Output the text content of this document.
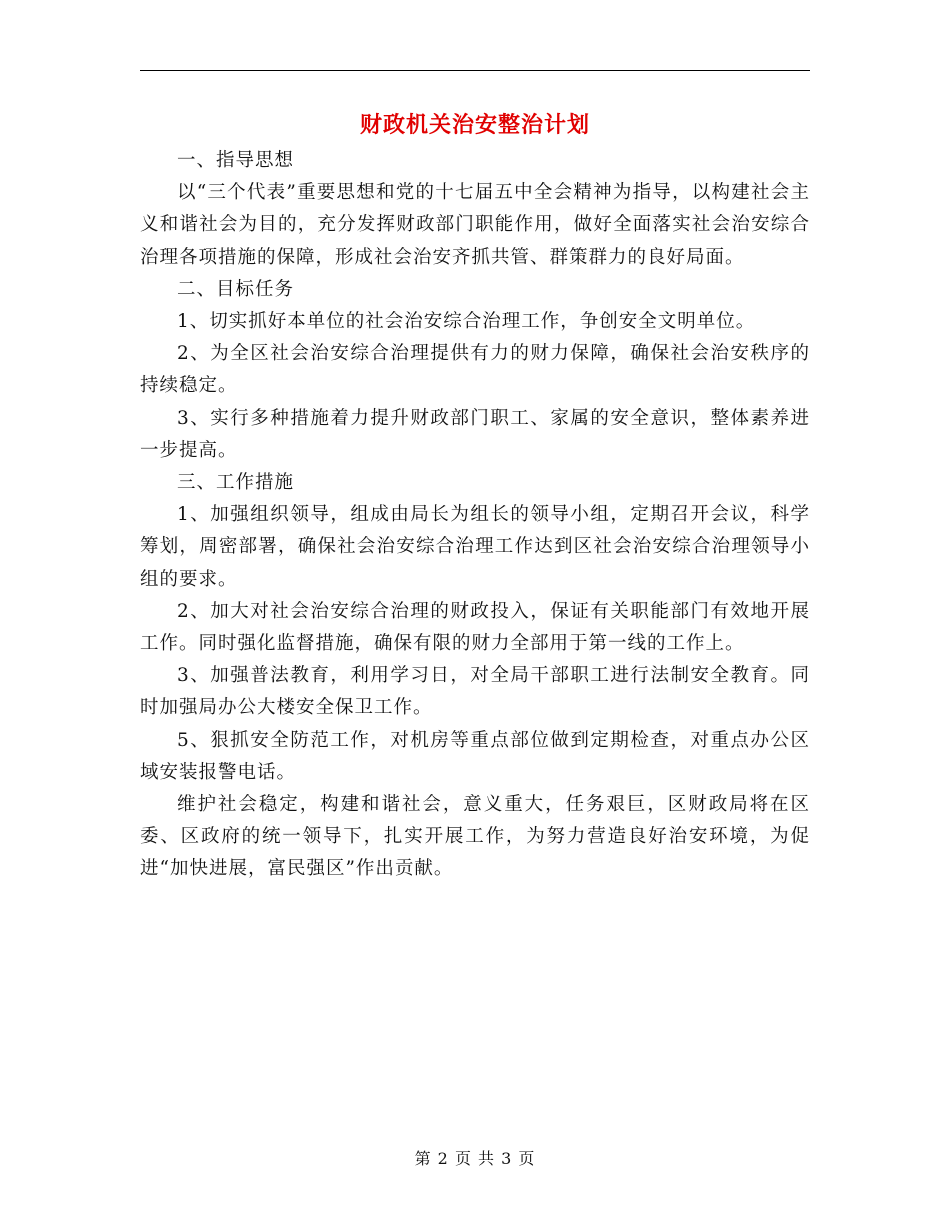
财政机关治安整治计划

一、指导思想

以“三个代表”重要思想和党的十七届五中全会精神为指导，以构建社会主义和谐社会为目的，充分发挥财政部门职能作用，做好全面落实社会治安综合治理各项措施的保障，形成社会治安齐抓共管、群策群力的良好局面。

二、目标任务

1、切实抓好本单位的社会治安综合治理工作，争创安全文明单位。

2、为全区社会治安综合治理提供有力的财力保障，确保社会治安秩序的持续稳定。

3、实行多种措施着力提升财政部门职工、家属的安全意识，整体素养进一步提高。

三、工作措施

1、加强组织领导，组成由局长为组长的领导小组，定期召开会议，科学筹划，周密部署，确保社会治安综合治理工作达到区社会治安综合治理领导小组的要求。

2、加大对社会治安综合治理的财政投入，保证有关职能部门有效地开展工作。同时强化监督措施，确保有限的财力全部用于第一线的工作上。

3、加强普法教育，利用学习日，对全局干部职工进行法制安全教育。同时加强局办公大楼安全保卫工作。

5、狠抓安全防范工作，对机房等重点部位做到定期检查，对重点办公区域安装报警电话。

维护社会稳定，构建和谐社会，意义重大，任务艰巨，区财政局将在区委、区政府的统一领导下，扎实开展工作，为努力营造良好治安环境，为促进“加快进展，富民强区”作出贡献。

第 2 页 共 3 页
